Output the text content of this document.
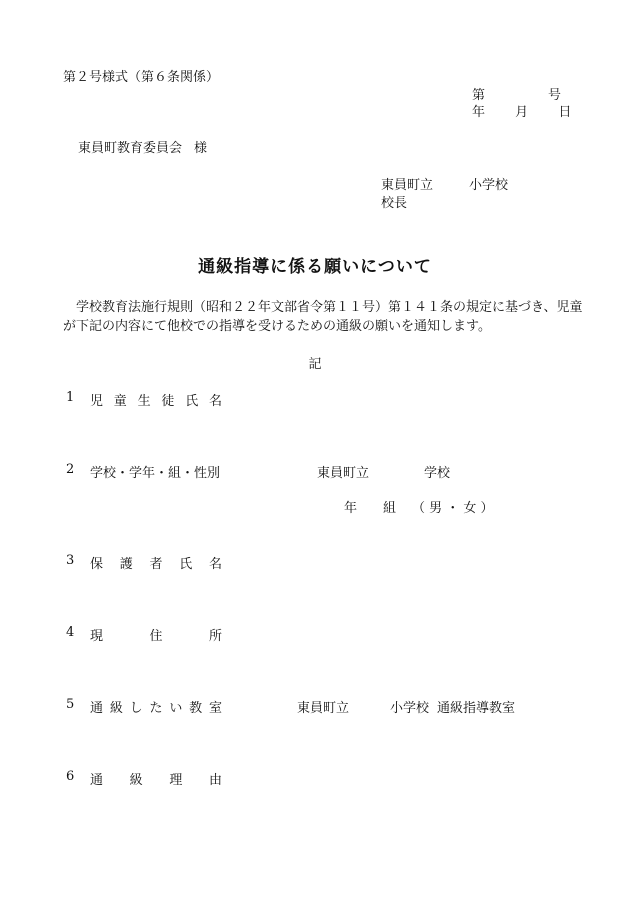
第２号様式（第６条関係）
第	号
年 月 日
東員町教育委員会 様
東員町立	小学校
校長
通級指導に係る願いについて
学校教育法施行規則（昭和２２年文部省令第１１号）第１４１条の規定に基づき、児童が下記の内容にて他校での指導を受けるための通級の願いを通知します。
記
1 児 童 生 徒 氏 名
2 学校・学年・組・性別	東員町立	学校
年 組 （ 男 ・ 女 ）
3 保 護 者 氏 名
4 現 住 所
5 通 級 し た い 教 室	東員町立	小学校 通級指導教室
6 通 級 理 由
